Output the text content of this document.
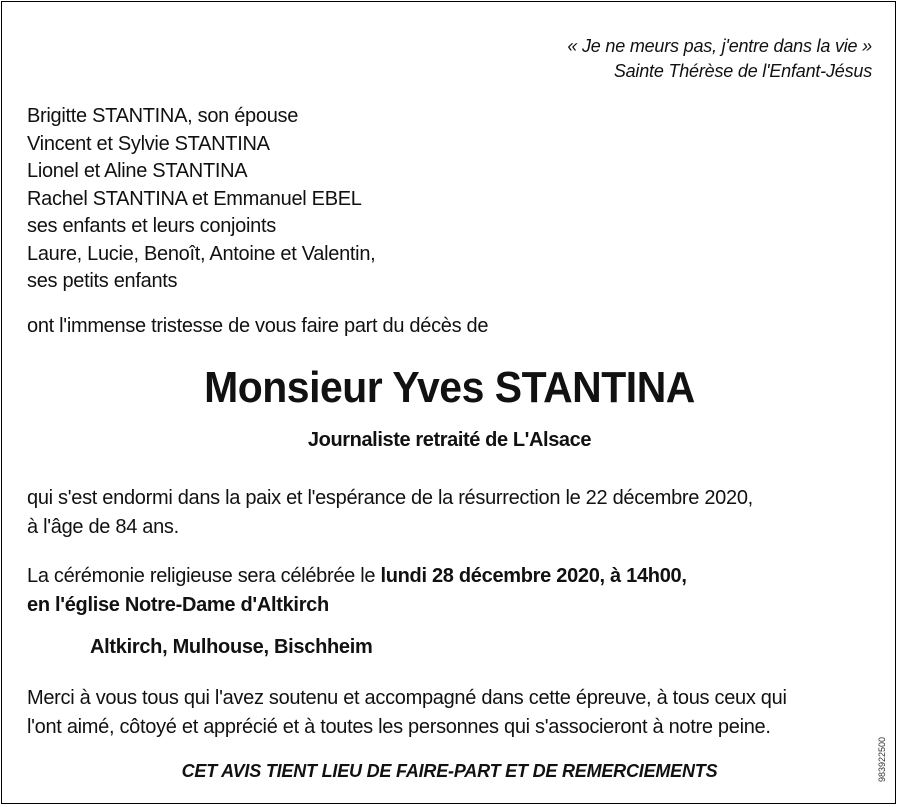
« Je ne meurs pas, j'entre dans la vie »
Sainte Thérèse de l'Enfant-Jésus
Brigitte STANTINA, son épouse
Vincent et Sylvie STANTINA
Lionel et Aline STANTINA
Rachel STANTINA et Emmanuel EBEL
ses enfants et leurs conjoints
Laure, Lucie, Benoît, Antoine et Valentin,
ses petits enfants
ont l'immense tristesse de vous faire part du décès de
Monsieur Yves STANTINA
Journaliste retraité de L'Alsace
qui s'est endormi dans la paix et l'espérance de la résurrection le 22 décembre 2020,
à l'âge de 84 ans.
La cérémonie religieuse sera célébrée le lundi 28 décembre 2020, à 14h00,
en l'église Notre-Dame d'Altkirch
Altkirch, Mulhouse, Bischheim
Merci à vous tous qui l'avez soutenu et accompagné dans cette épreuve, à tous ceux qui
l'ont aimé, côtoyé et apprécié et à toutes les personnes qui s'associeront à notre peine.
CET AVIS TIENT LIEU DE FAIRE-PART ET DE REMERCIEMENTS	983922500
